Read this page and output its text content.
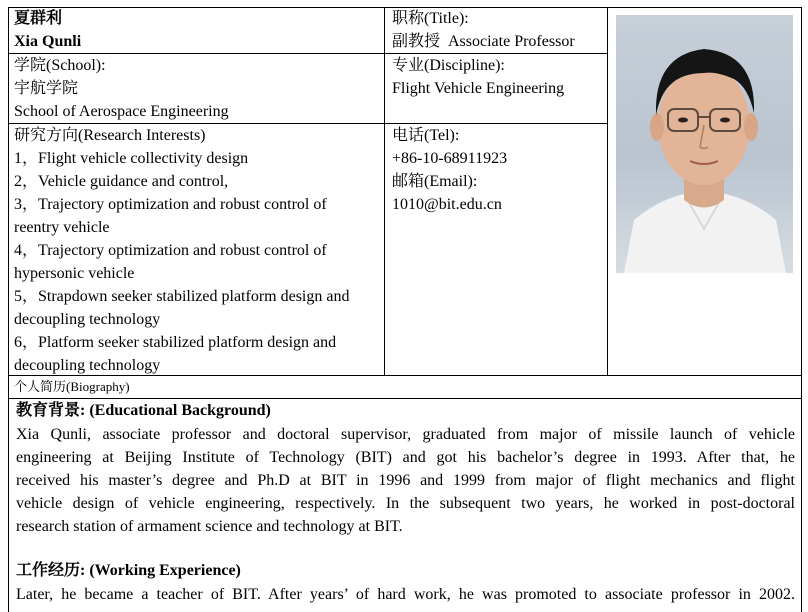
夏群利
Xia Qunli
职称(Title):
副教授  Associate Professor
学院(School):
宇航学院
School of Aerospace Engineering
专业(Discipline):
Flight Vehicle Engineering
研究方向(Research Interests)
1，Flight vehicle collectivity design
2，Vehicle guidance and control,
3，Trajectory optimization and robust control of
reentry vehicle
4，Trajectory optimization and robust control of
hypersonic vehicle
5，Strapdown seeker stabilized platform design and
decoupling technology
6，Platform seeker stabilized platform design and
decoupling technology
电话(Tel):
+86-10-68911923
邮箱(Email):
1010@bit.edu.cn
个人简历(Biography)
教育背景: (Educational Background)
Xia Qunli, associate professor and doctoral supervisor, graduated from major of missile launch of vehicle
engineering at Beijing Institute of Technology (BIT) and got his bachelor’s degree in 1993. After that, he
received his master’s degree and Ph.D at BIT in 1996 and 1999 from major of flight mechanics and flight
vehicle design of vehicle engineering, respectively. In the subsequent two years, he worked in post-doctoral
research station of armament science and technology at BIT.
工作经历: (Working Experience)
Later, he became a teacher of BIT. After years’ of hard work, he was promoted to associate professor in 2002.
